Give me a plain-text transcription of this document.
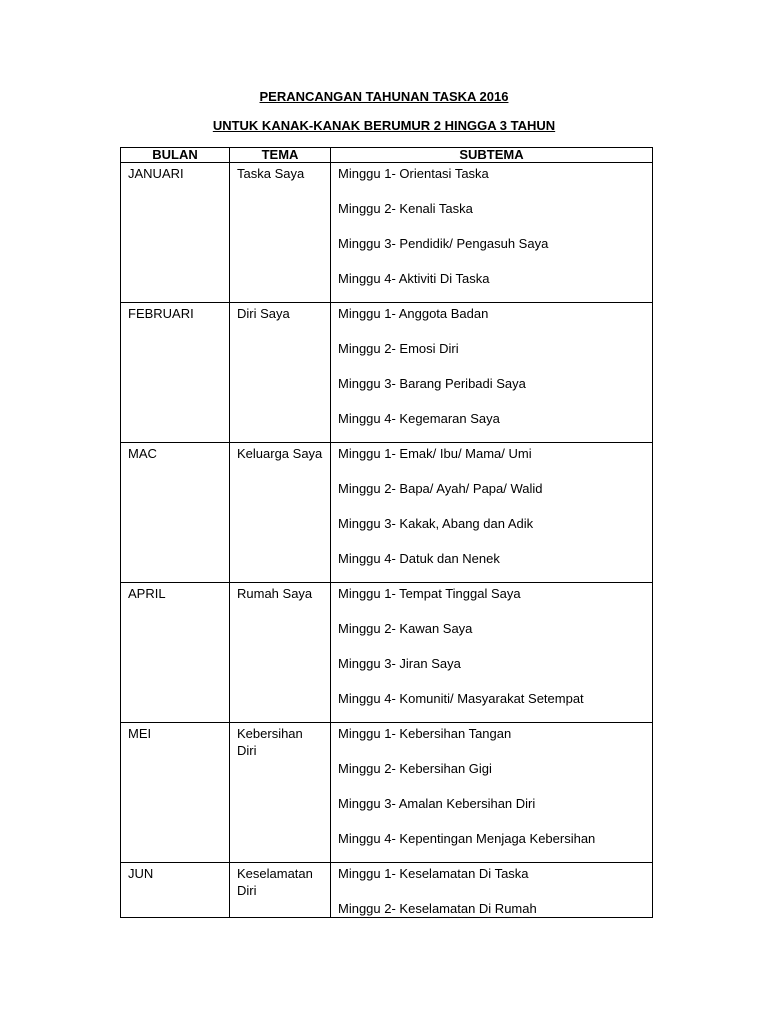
PERANCANGAN TAHUNAN TASKA 2016
UNTUK KANAK-KANAK BERUMUR 2 HINGGA 3 TAHUN
BULAN	TEMA	SUBTEMA
JANUARI	Taska Saya	Minggu 1- Orientasi Taska

Minggu 2- Kenali Taska

Minggu 3- Pendidik/ Pengasuh Saya

Minggu 4- Aktiviti Di Taska

FEBRUARI	Diri Saya	Minggu 1- Anggota Badan

Minggu 2- Emosi Diri

Minggu 3- Barang Peribadi Saya

Minggu 4- Kegemaran Saya

MAC	Keluarga Saya	Minggu 1- Emak/ Ibu/ Mama/ Umi

Minggu 2- Bapa/ Ayah/ Papa/ Walid

Minggu 3- Kakak, Abang dan Adik

Minggu 4- Datuk dan Nenek

APRIL	Rumah Saya	Minggu 1- Tempat Tinggal Saya

Minggu 2- Kawan Saya

Minggu 3- Jiran Saya

Minggu 4- Komuniti/ Masyarakat Setempat

MEI	Kebersihan Diri	Minggu 1- Kebersihan Tangan

Minggu 2- Kebersihan Gigi

Minggu 3- Amalan Kebersihan Diri

Minggu 4- Kepentingan Menjaga Kebersihan

JUN	Keselamatan Diri	Minggu 1- Keselamatan Di Taska

Minggu 2- Keselamatan Di Rumah
